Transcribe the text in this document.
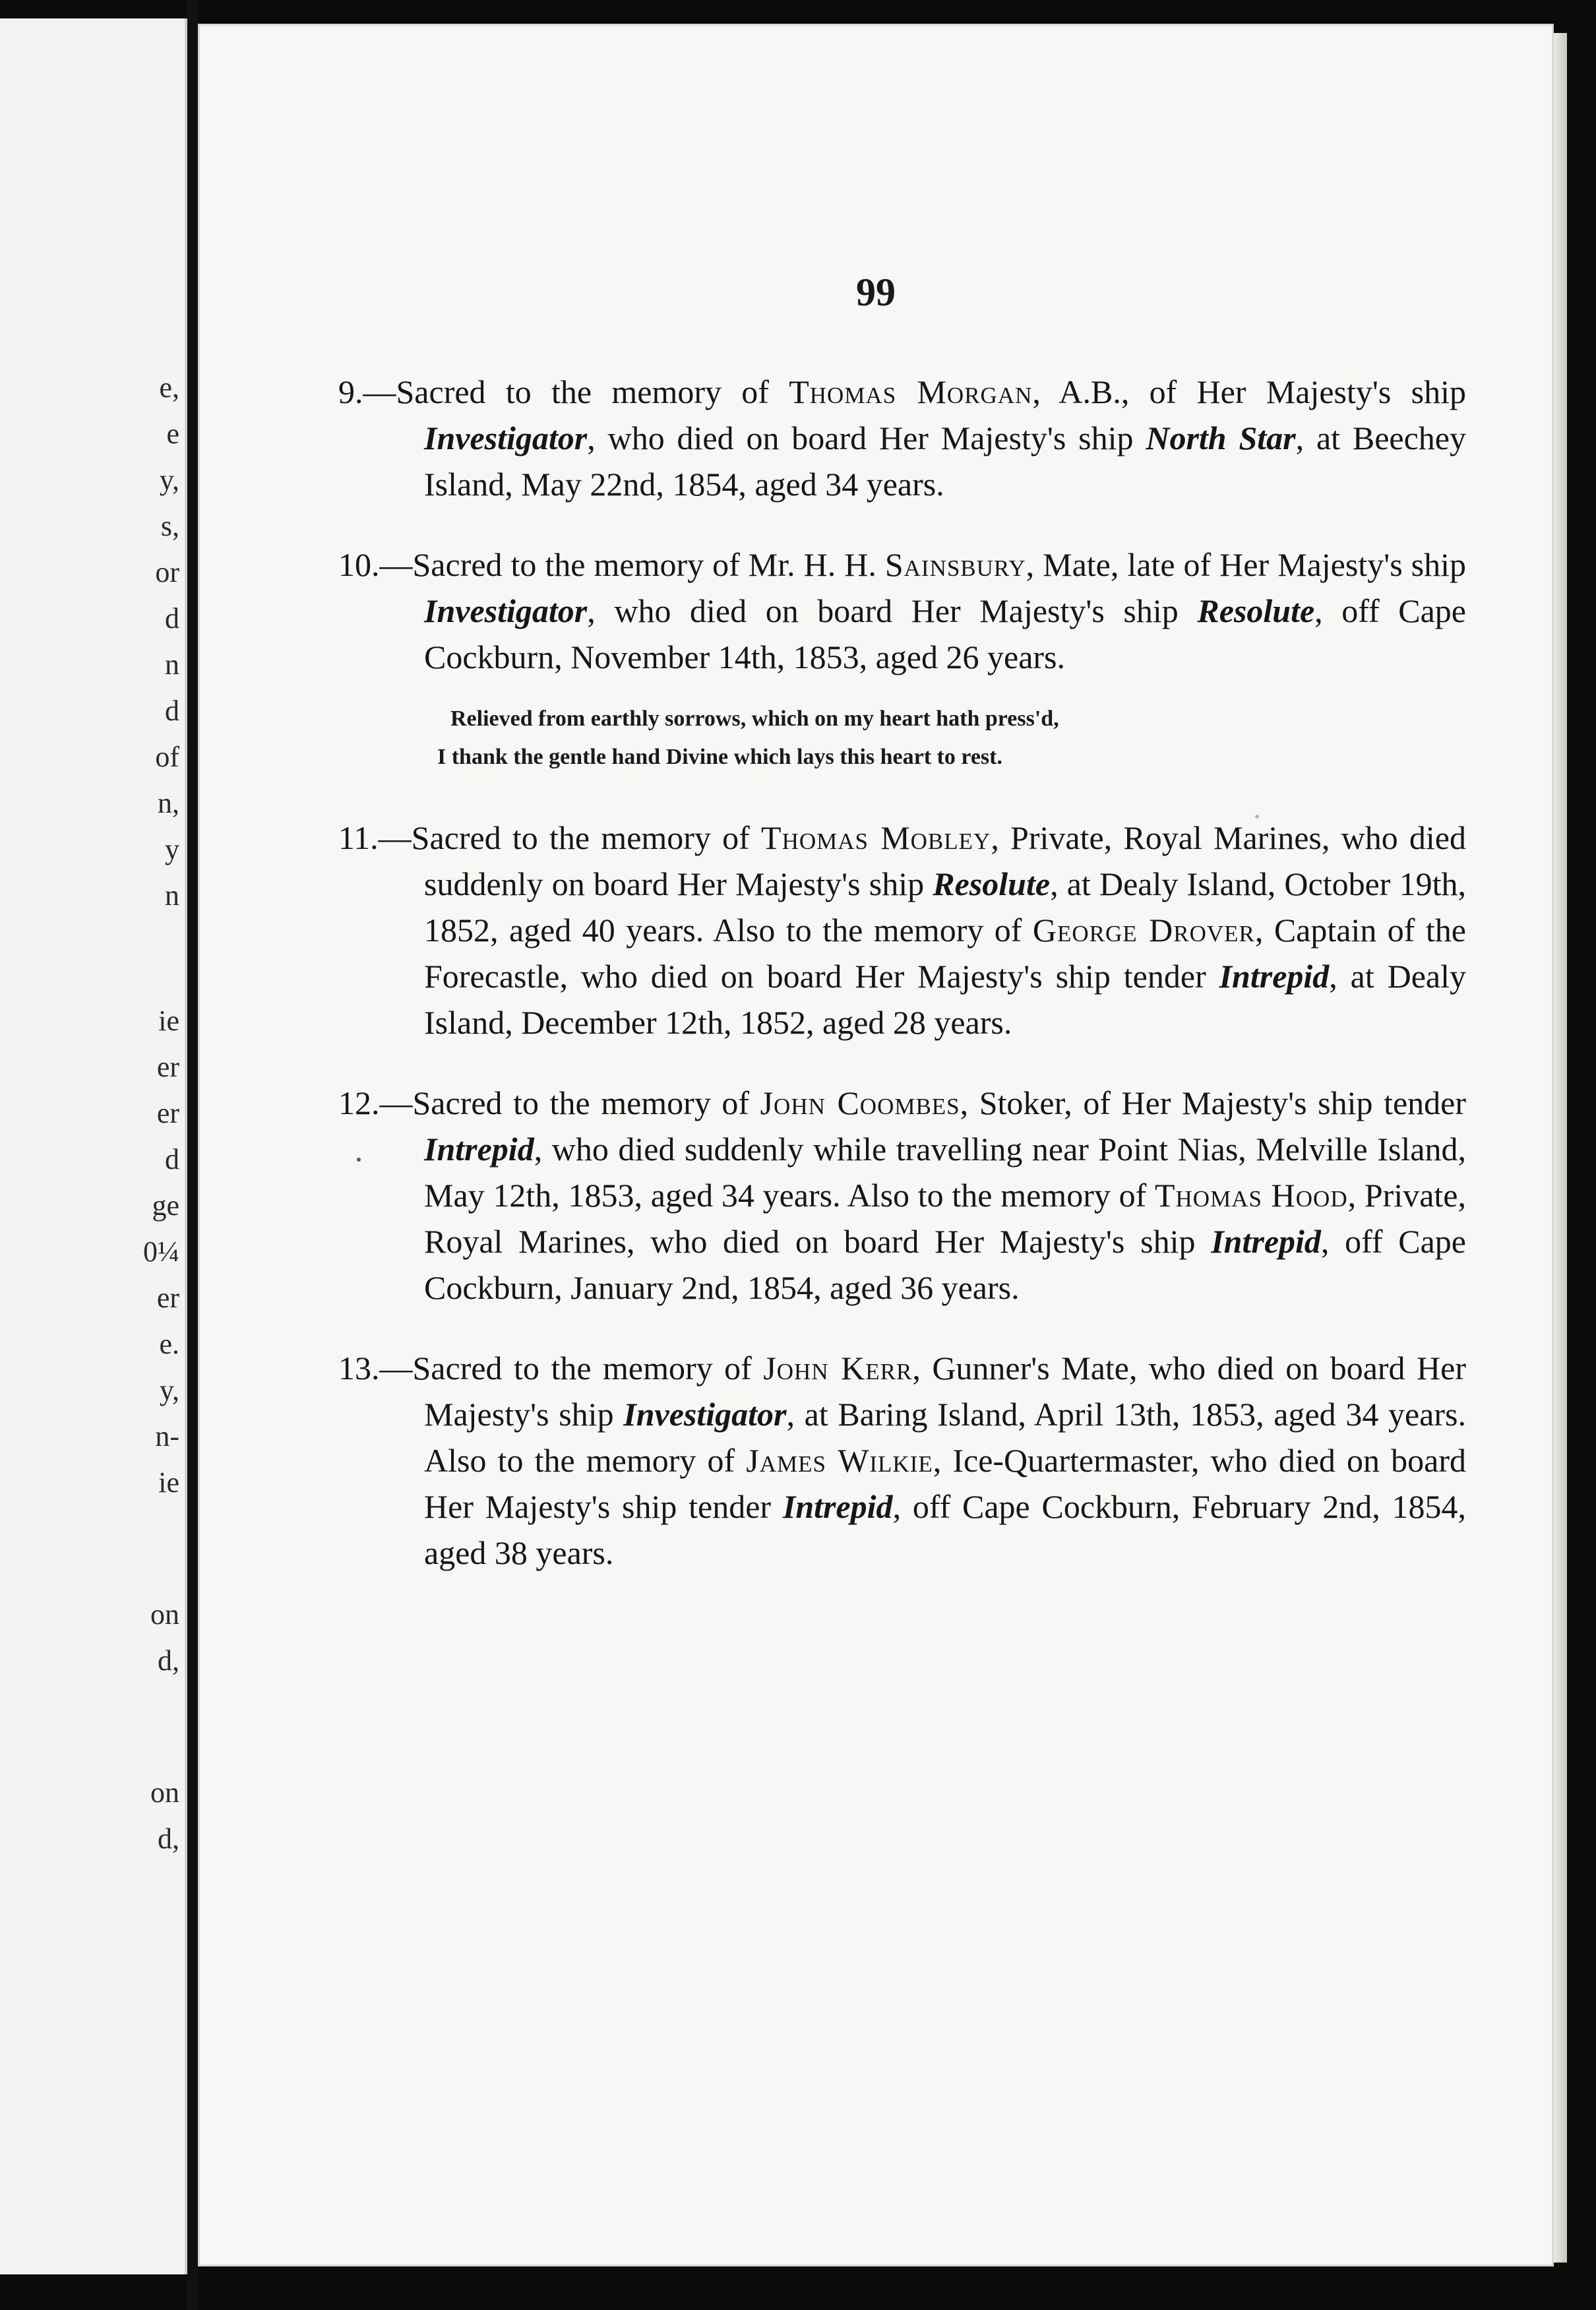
e,
e
y,
s,
or
d
n
d
of
n,
y
n
ie
er
er
d
ge
0¼
er
e.
y,
n-
ie
on
d,
on
d,
99

9.—Sacred to the memory of Thomas Morgan, A.B., of Her Majesty's ship Investigator, who died on board Her Majesty's ship North Star, at Beechey Island, May 22nd, 1854, aged 34 years.

10.—Sacred to the memory of Mr. H. H. Sainsbury, Mate, late of Her Majesty's ship Investigator, who died on board Her Majesty's ship Resolute, off Cape Cockburn, November 14th, 1853, aged 26 years.

Relieved from earthly sorrows, which on my heart hath press'd,
I thank the gentle hand Divine which lays this heart to rest.

11.—Sacred to the memory of Thomas Mobley, Private, Royal Marines, who died suddenly on board Her Majesty's ship Resolute, at Dealy Island, October 19th, 1852, aged 40 years. Also to the memory of George Drover, Captain of the Forecastle, who died on board Her Majesty's ship tender Intrepid, at Dealy Island, December 12th, 1852, aged 28 years.

12.—Sacred to the memory of John Coombes, Stoker, of Her Majesty's ship tender Intrepid, who died suddenly while travelling near Point Nias, Melville Island, May 12th, 1853, aged 34 years. Also to the memory of Thomas Hood, Private, Royal Marines, who died on board Her Majesty's ship Intrepid, off Cape Cockburn, January 2nd, 1854, aged 36 years.

13.—Sacred to the memory of John Kerr, Gunner's Mate, who died on board Her Majesty's ship Investigator, at Baring Island, April 13th, 1853, aged 34 years. Also to the memory of James Wilkie, Ice-Quartermaster, who died on board Her Majesty's ship tender Intrepid, off Cape Cockburn, February 2nd, 1854, aged 38 years.
